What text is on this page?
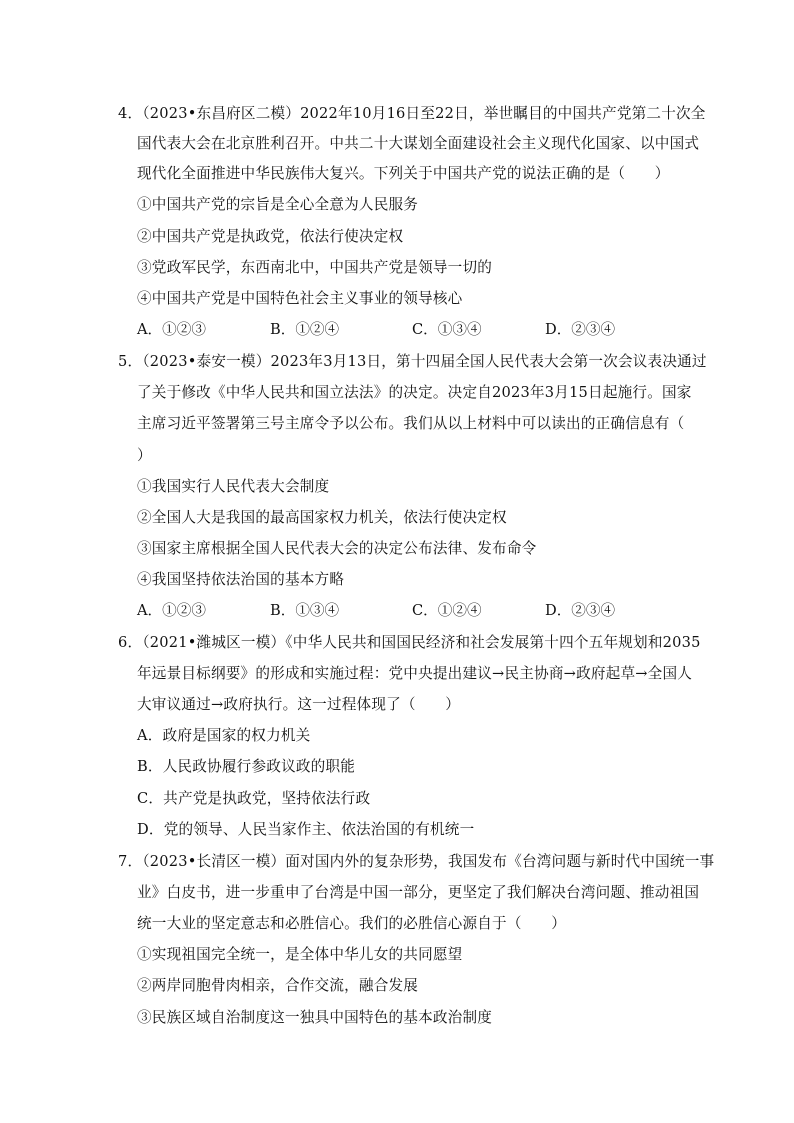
4．（2023•东昌府区二模）2022年10月16日至22日，举世瞩目的中国共产党第二十次全
国代表大会在北京胜利召开。中共二十大谋划全面建设社会主义现代化国家、以中国式
现代化全面推进中华民族伟大复兴。下列关于中国共产党的说法正确的是（　　）
①中国共产党的宗旨是全心全意为人民服务
②中国共产党是执政党，依法行使决定权
③党政军民学，东西南北中，中国共产党是领导一切的
④中国共产党是中国特色社会主义事业的领导核心
A．①②③	B．①②④	C．①③④	D．②③④
5．（2023•泰安一模）2023年3月13日，第十四届全国人民代表大会第一次会议表决通过
了关于修改《中华人民共和国立法法》的决定。决定自2023年3月15日起施行。国家
主席习近平签署第三号主席令予以公布。我们从以上材料中可以读出的正确信息有（
）
①我国实行人民代表大会制度
②全国人大是我国的最高国家权力机关，依法行使决定权
③国家主席根据全国人民代表大会的决定公布法律、发布命令
④我国坚持依法治国的基本方略
A．①②③	B．①③④	C．①②④	D．②③④
6．（2021•潍城区一模）《中华人民共和国国民经济和社会发展第十四个五年规划和2035
年远景目标纲要》的形成和实施过程：党中央提出建议→民主协商→政府起草→全国人
大审议通过→政府执行。这一过程体现了（　　）
A．政府是国家的权力机关
B．人民政协履行参政议政的职能
C．共产党是执政党，坚持依法行政
D．党的领导、人民当家作主、依法治国的有机统一
7．（2023•长清区一模）面对国内外的复杂形势，我国发布《台湾问题与新时代中国统一事
业》白皮书，进一步重申了台湾是中国一部分，更坚定了我们解决台湾问题、推动祖国
统一大业的坚定意志和必胜信心。我们的必胜信心源自于（　　）
①实现祖国完全统一，是全体中华儿女的共同愿望
②两岸同胞骨肉相亲，合作交流，融合发展
③民族区域自治制度这一独具中国特色的基本政治制度
